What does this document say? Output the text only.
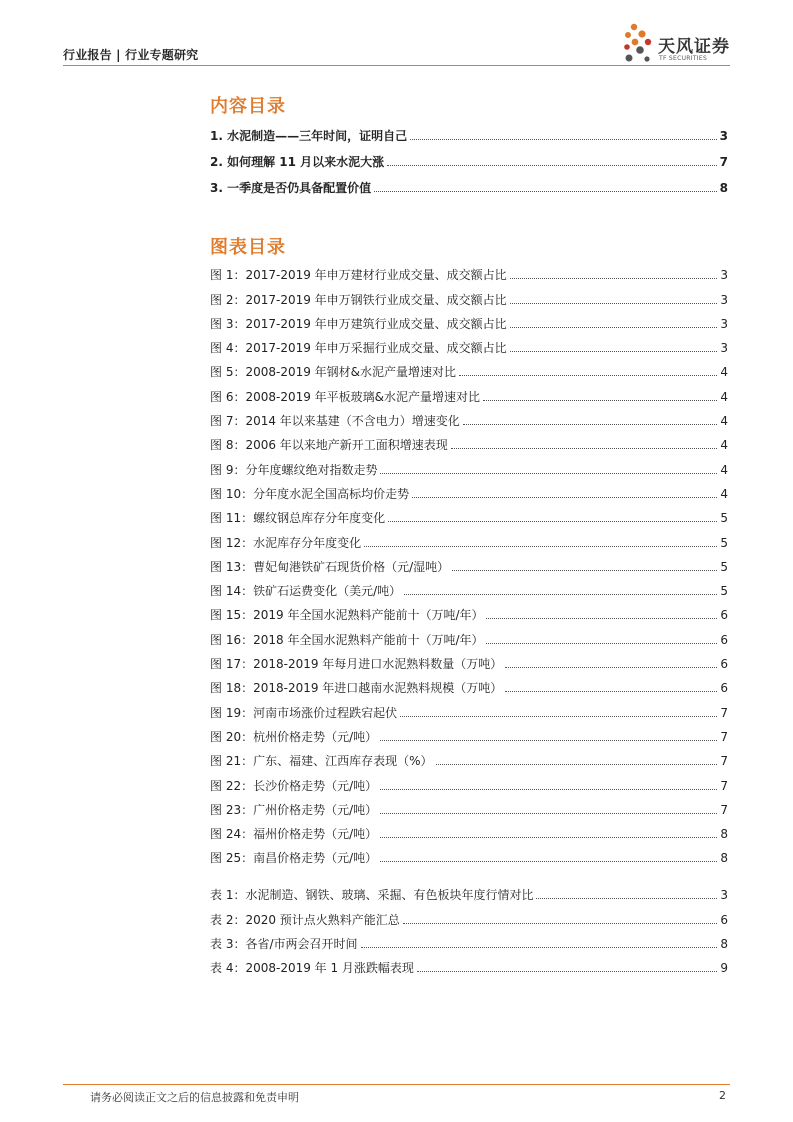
行业报告 | 行业专题研究	天风证券
TF SECURITIES
内容目录
1. 水泥制造——三年时间，证明自己	3
2. 如何理解 11 月以来水泥大涨	7
3. 一季度是否仍具备配置价值	8
图表目录
图 1：2017-2019 年申万建材行业成交量、成交额占比	3
图 2：2017-2019 年申万钢铁行业成交量、成交额占比	3
图 3：2017-2019 年申万建筑行业成交量、成交额占比	3
图 4：2017-2019 年申万采掘行业成交量、成交额占比	3
图 5：2008-2019 年钢材&水泥产量增速对比	4
图 6：2008-2019 年平板玻璃&水泥产量增速对比	4
图 7：2014 年以来基建（不含电力）增速变化	4
图 8：2006 年以来地产新开工面积增速表现	4
图 9：分年度螺纹绝对指数走势	4
图 10：分年度水泥全国高标均价走势	4
图 11：螺纹钢总库存分年度变化	5
图 12：水泥库存分年度变化	5
图 13：曹妃甸港铁矿石现货价格（元/湿吨）	5
图 14：铁矿石运费变化（美元/吨）	5
图 15：2019 年全国水泥熟料产能前十（万吨/年）	6
图 16：2018 年全国水泥熟料产能前十（万吨/年）	6
图 17：2018-2019 年每月进口水泥熟料数量（万吨）	6
图 18：2018-2019 年进口越南水泥熟料规模（万吨）	6
图 19：河南市场涨价过程跌宕起伏	7
图 20：杭州价格走势（元/吨）	7
图 21：广东、福建、江西库存表现（%）	7
图 22：长沙价格走势（元/吨）	7
图 23：广州价格走势（元/吨）	7
图 24：福州价格走势（元/吨）	8
图 25：南昌价格走势（元/吨）	8
表 1：水泥制造、钢铁、玻璃、采掘、有色板块年度行情对比	3
表 2：2020 预计点火熟料产能汇总	6
表 3：各省/市两会召开时间	8
表 4：2008-2019 年 1 月涨跌幅表现	9
请务必阅读正文之后的信息披露和免责申明	2
